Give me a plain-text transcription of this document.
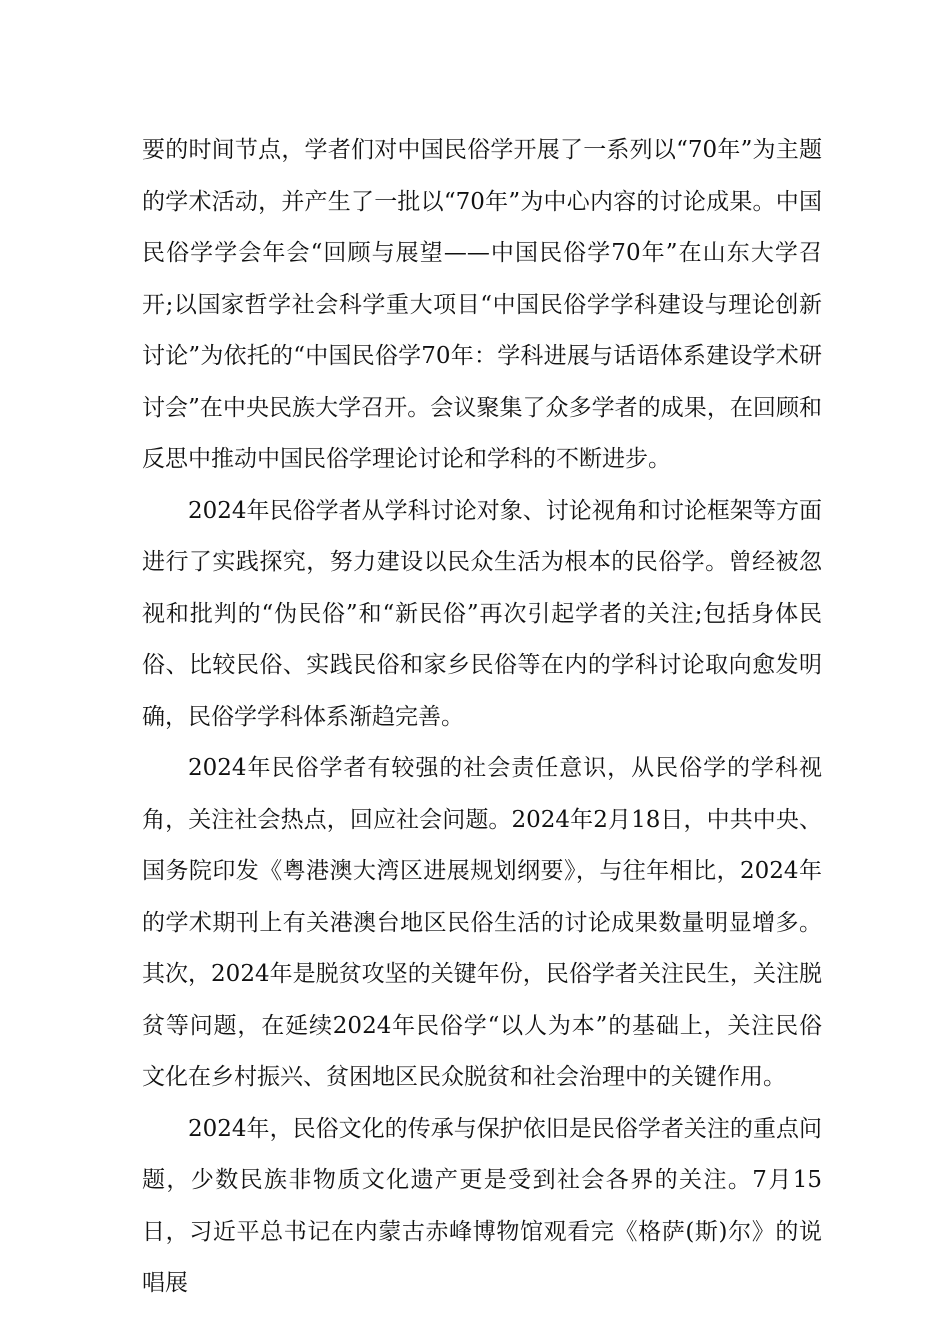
要的时间节点，学者们对中国民俗学开展了一系列以“70年”为主题的学术活动，并产生了一批以“70年”为中心内容的讨论成果。中国民俗学学会年会“回顾与展望——中国民俗学70年”在山东大学召开;以国家哲学社会科学重大项目“中国民俗学学科建设与理论创新讨论”为依托的“中国民俗学70年：学科进展与话语体系建设学术研讨会”在中央民族大学召开。会议聚集了众多学者的成果，在回顾和反思中推动中国民俗学理论讨论和学科的不断进步。

2024年民俗学者从学科讨论对象、讨论视角和讨论框架等方面进行了实践探究，努力建设以民众生活为根本的民俗学。曾经被忽视和批判的“伪民俗”和“新民俗”再次引起学者的关注;包括身体民俗、比较民俗、实践民俗和家乡民俗等在内的学科讨论取向愈发明确，民俗学学科体系渐趋完善。

2024年民俗学者有较强的社会责任意识，从民俗学的学科视角，关注社会热点，回应社会问题。2024年2月18日，中共中央、国务院印发《粤港澳大湾区进展规划纲要》，与往年相比，2024年的学术期刊上有关港澳台地区民俗生活的讨论成果数量明显增多。其次，2024年是脱贫攻坚的关键年份，民俗学者关注民生，关注脱贫等问题，在延续2024年民俗学“以人为本”的基础上，关注民俗文化在乡村振兴、贫困地区民众脱贫和社会治理中的关键作用。

2024年，民俗文化的传承与保护依旧是民俗学者关注的重点问题，少数民族非物质文化遗产更是受到社会各界的关注。7月15日，习近平总书记在内蒙古赤峰博物馆观看完《格萨(斯)尔》的说唱展
